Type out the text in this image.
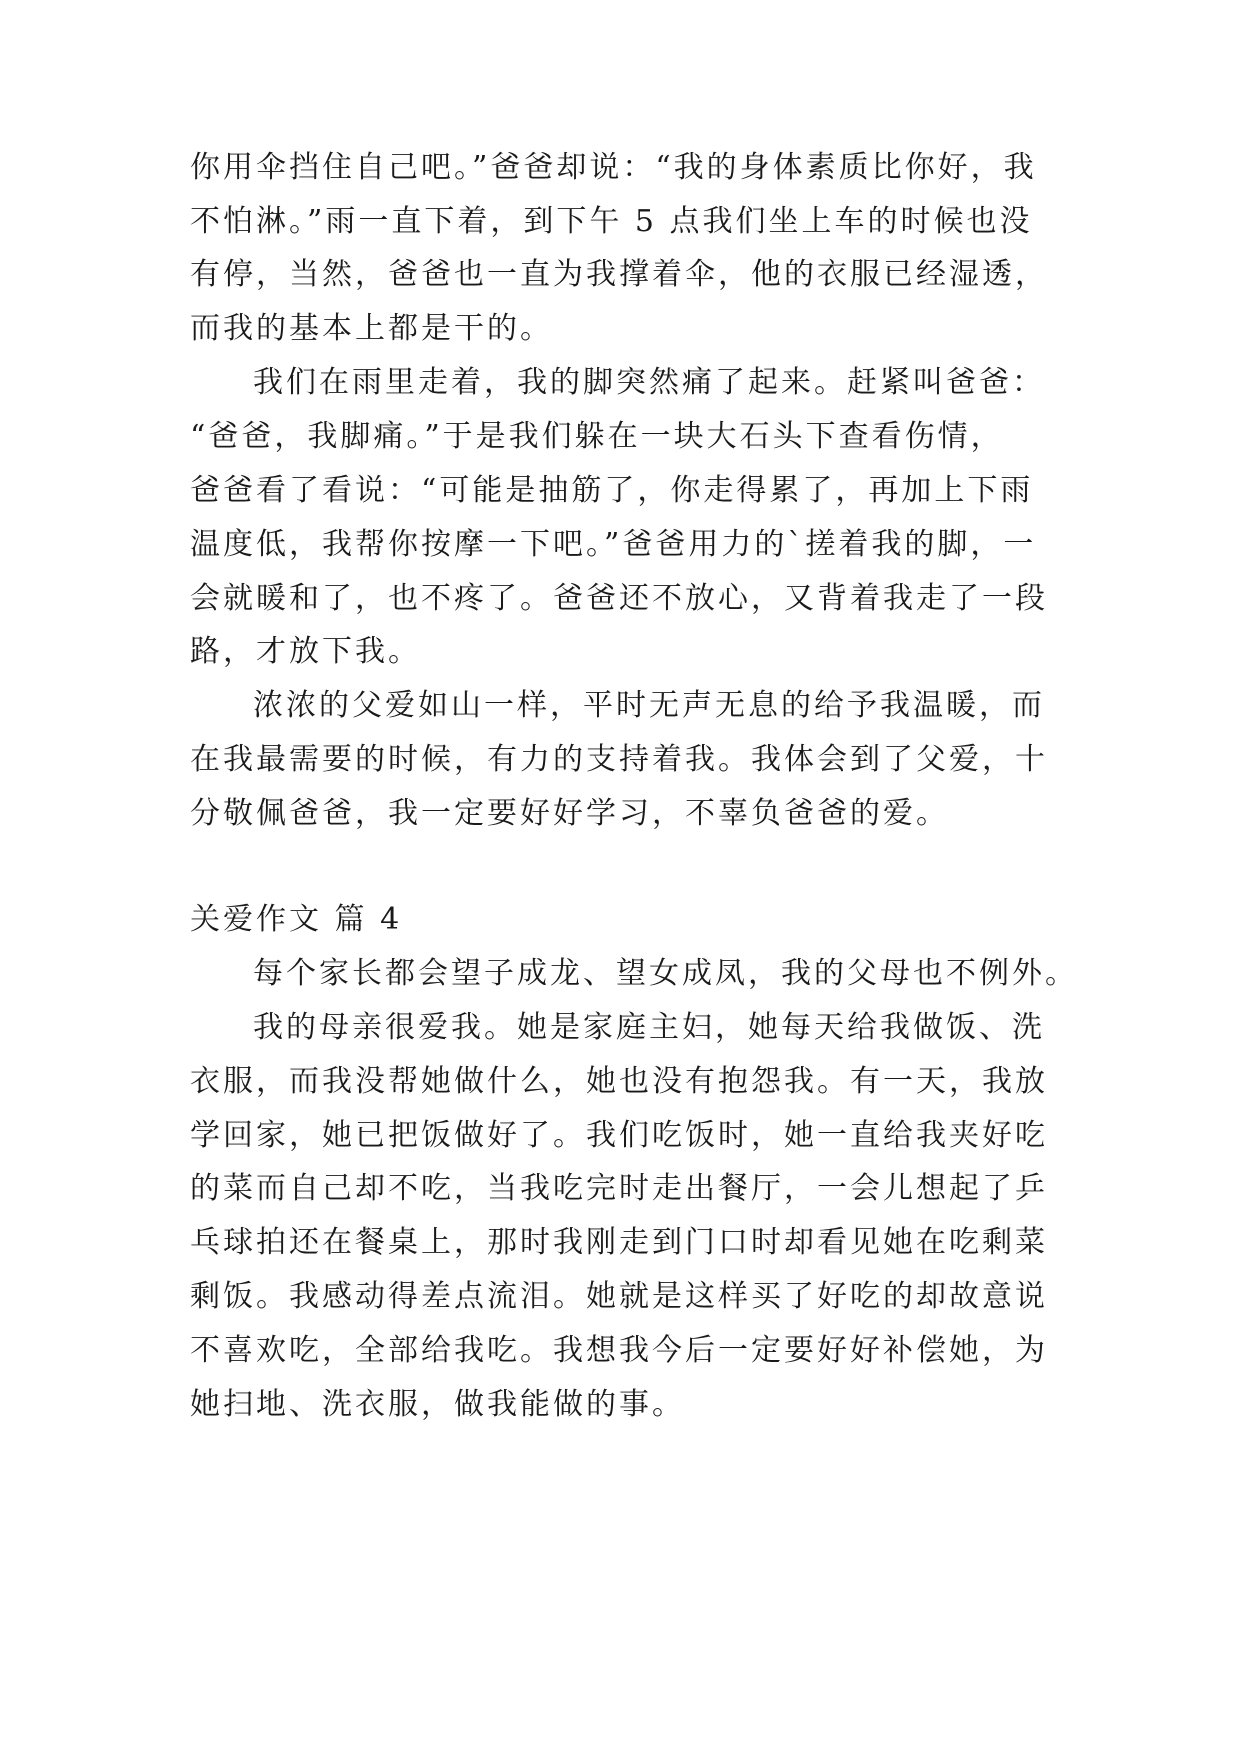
你用伞挡住自己吧。”爸爸却说：“我的身体素质比你好，我

不怕淋。”雨一直下着，到下午 5 点我们坐上车的时候也没

有停，当然，爸爸也一直为我撑着伞，他的衣服已经湿透，

而我的基本上都是干的。

我们在雨里走着，我的脚突然痛了起来。赶紧叫爸爸：

“爸爸，我脚痛。”于是我们躲在一块大石头下查看伤情，

爸爸看了看说：“可能是抽筋了，你走得累了，再加上下雨

温度低，我帮你按摩一下吧。”爸爸用力的`搓着我的脚，一

会就暖和了，也不疼了。爸爸还不放心，又背着我走了一段

路，才放下我。

浓浓的父爱如山一样，平时无声无息的给予我温暖，而

在我最需要的时候，有力的支持着我。我体会到了父爱，十

分敬佩爸爸，我一定要好好学习，不辜负爸爸的爱。

关爱作文 篇 4

每个家长都会望子成龙、望女成凤，我的父母也不例外。

我的母亲很爱我。她是家庭主妇，她每天给我做饭、洗

衣服，而我没帮她做什么，她也没有抱怨我。有一天，我放

学回家，她已把饭做好了。我们吃饭时，她一直给我夹好吃

的菜而自己却不吃，当我吃完时走出餐厅，一会儿想起了乒

乓球拍还在餐桌上，那时我刚走到门口时却看见她在吃剩菜

剩饭。我感动得差点流泪。她就是这样买了好吃的却故意说

不喜欢吃，全部给我吃。我想我今后一定要好好补偿她，为

她扫地、洗衣服，做我能做的事。
